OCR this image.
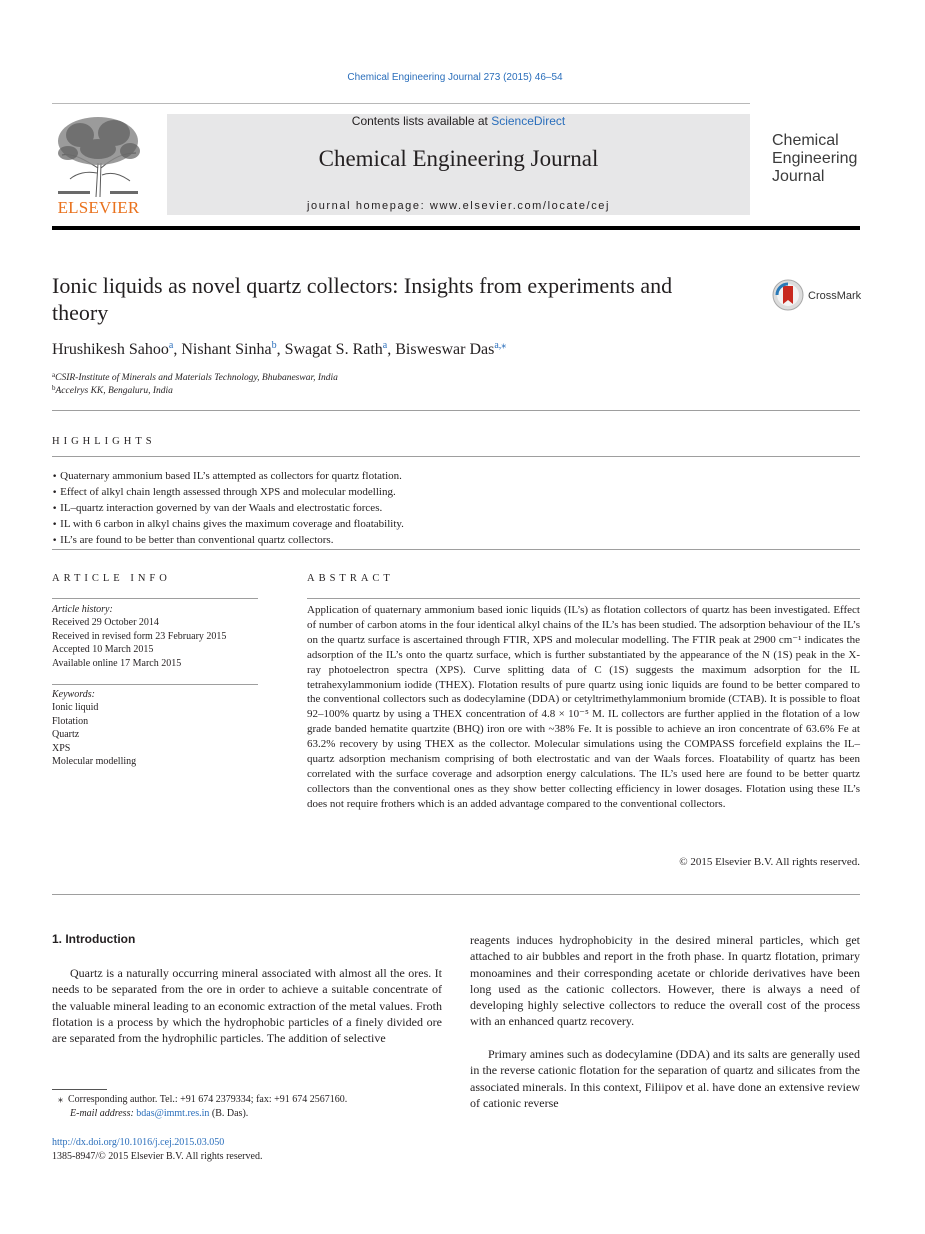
Chemical Engineering Journal 273 (2015) 46–54
ELSEVIER
Contents lists available at ScienceDirect
Chemical Engineering Journal
journal homepage: www.elsevier.com/locate/cej
Chemical
Engineering
Journal
Ionic liquids as novel quartz collectors: Insights from experiments and theory
CrossMark
Hrushikesh Sahoo$^a$, Nishant Sinha$^b$, Swagat S. Rath$^a$, Bisweswar Das$^{a,⁎}$
$^a$CSIR-Institute of Minerals and Materials Technology, Bhubaneswar, India
$^b$Accelrys KK, Bengaluru, India
HIGHLIGHTS
• Quaternary ammonium based IL’s attempted as collectors for quartz flotation.
• Effect of alkyl chain length assessed through XPS and molecular modelling.
• IL–quartz interaction governed by van der Waals and electrostatic forces.
• IL with 6 carbon in alkyl chains gives the maximum coverage and floatability.
• IL’s are found to be better than conventional quartz collectors.
ARTICLE INFO
Article history:
Received 29 October 2014
Received in revised form 23 February 2015
Accepted 10 March 2015
Available online 17 March 2015
Keywords:
Ionic liquid
Flotation
Quartz
XPS
Molecular modelling
ABSTRACT
Application of quaternary ammonium based ionic liquids (IL’s) as flotation collectors of quartz has been investigated. Effect of number of carbon atoms in the four identical alkyl chains of the IL’s has been studied. The adsorption behaviour of the IL’s on the quartz surface is ascertained through FTIR, XPS and molecular modelling. The FTIR peak at 2900 cm⁻¹ indicates the adsorption of the IL’s onto the quartz surface, which is further substantiated by the appearance of the N (1S) peak in the X-ray photoelectron spectra (XPS). Curve splitting data of C (1S) suggests the maximum adsorption for the IL tetrahexylammonium iodide (THEX). Flotation results of pure quartz using ionic liquids are found to be better compared to the conventional collectors such as dodecylamine (DDA) or cetyltrimethylammonium bromide (CTAB). It is possible to float 92–100% quartz by using a THEX concentration of 4.8 × 10⁻⁵ M. IL collectors are further applied in the flotation of a low grade banded hematite quartzite (BHQ) iron ore with ~38% Fe. It is possible to achieve an iron concentrate of 63.6% Fe at 63.2% recovery by using THEX as the collector. Molecular simulations using the COMPASS forcefield explains the IL–quartz adsorption mechanism comprising of both electrostatic and van der Waals forces. Floatability of quartz has been correlated with the surface coverage and adsorption energy calculations. The IL’s used here are found to be better quartz collectors than the conventional ones as they show better collecting efficiency in lower dosages. Flotation using these IL’s does not require frothers which is an added advantage compared to the conventional collectors.
© 2015 Elsevier B.V. All rights reserved.
1. Introduction
Quartz is a naturally occurring mineral associated with almost all the ores. It needs to be separated from the ore in order to achieve a suitable concentrate of the valuable mineral leading to an economic extraction of the metal values. Froth flotation is a process by which the hydrophobic particles of a finely divided ore are separated from the hydrophilic particles. The addition of selective
reagents induces hydrophobicity in the desired mineral particles, which get attached to air bubbles and report in the froth phase. In quartz flotation, primary monoamines and their corresponding acetate or chloride derivatives have been long used as the cationic collectors. However, there is always a need of developing highly selective collectors to reduce the overall cost of the process with an enhanced quartz recovery.
Primary amines such as dodecylamine (DDA) and its salts are generally used in the reverse cationic flotation for the separation of quartz and silicates from the associated minerals. In this context, Filiipov et al. have done an extensive review of cationic reverse
⁎ Corresponding author. Tel.: +91 674 2379334; fax: +91 674 2567160.
E-mail address: bdas@immt.res.in (B. Das).
http://dx.doi.org/10.1016/j.cej.2015.03.050
1385-8947/© 2015 Elsevier B.V. All rights reserved.
